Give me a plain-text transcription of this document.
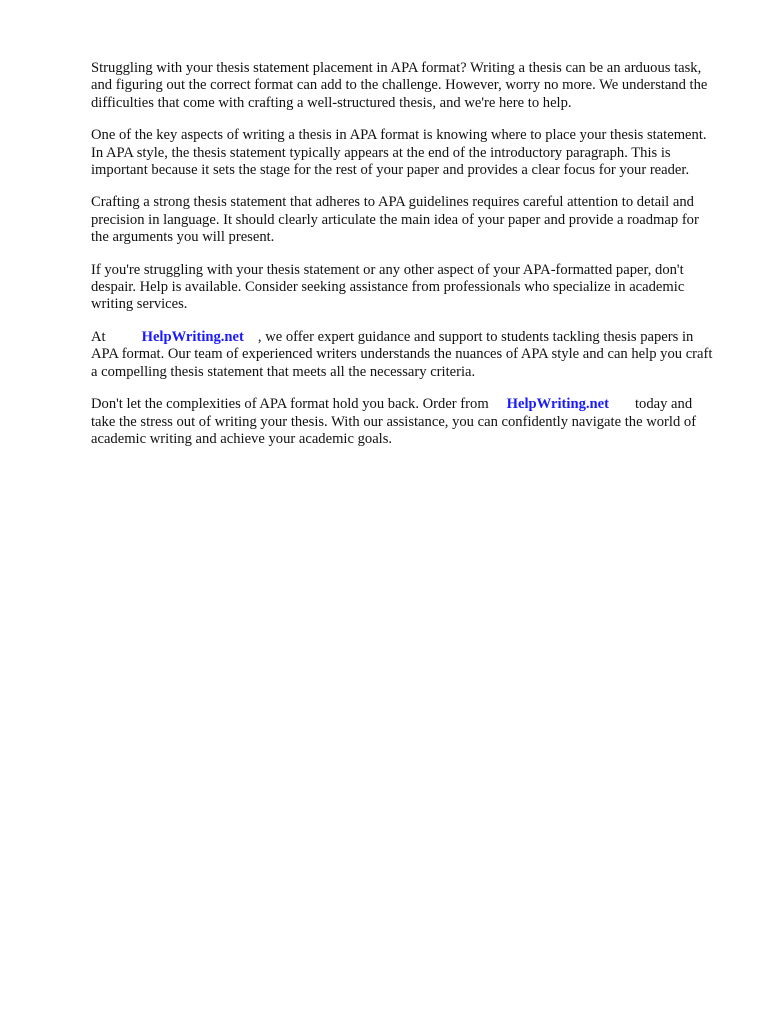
Struggling with your thesis statement placement in APA format? Writing a thesis can be an arduous task, and figuring out the correct format can add to the challenge. However, worry no more. We understand the difficulties that come with crafting a well-structured thesis, and we're here to help.

One of the key aspects of writing a thesis in APA format is knowing where to place your thesis statement. In APA style, the thesis statement typically appears at the end of the introductory paragraph. This is important because it sets the stage for the rest of your paper and provides a clear focus for your reader.

Crafting a strong thesis statement that adheres to APA guidelines requires careful attention to detail and precision in language. It should clearly articulate the main idea of your paper and provide a roadmap for the arguments you will present.

If you're struggling with your thesis statement or any other aspect of your APA-formatted paper, don't despair. Help is available. Consider seeking assistance from professionals who specialize in academic writing services.

At HelpWriting.net , we offer expert guidance and support to students tackling thesis papers in APA format. Our team of experienced writers understands the nuances of APA style and can help you craft a compelling thesis statement that meets all the necessary criteria.

Don't let the complexities of APA format hold you back. Order from HelpWriting.net today and take the stress out of writing your thesis. With our assistance, you can confidently navigate the world of academic writing and achieve your academic goals.
